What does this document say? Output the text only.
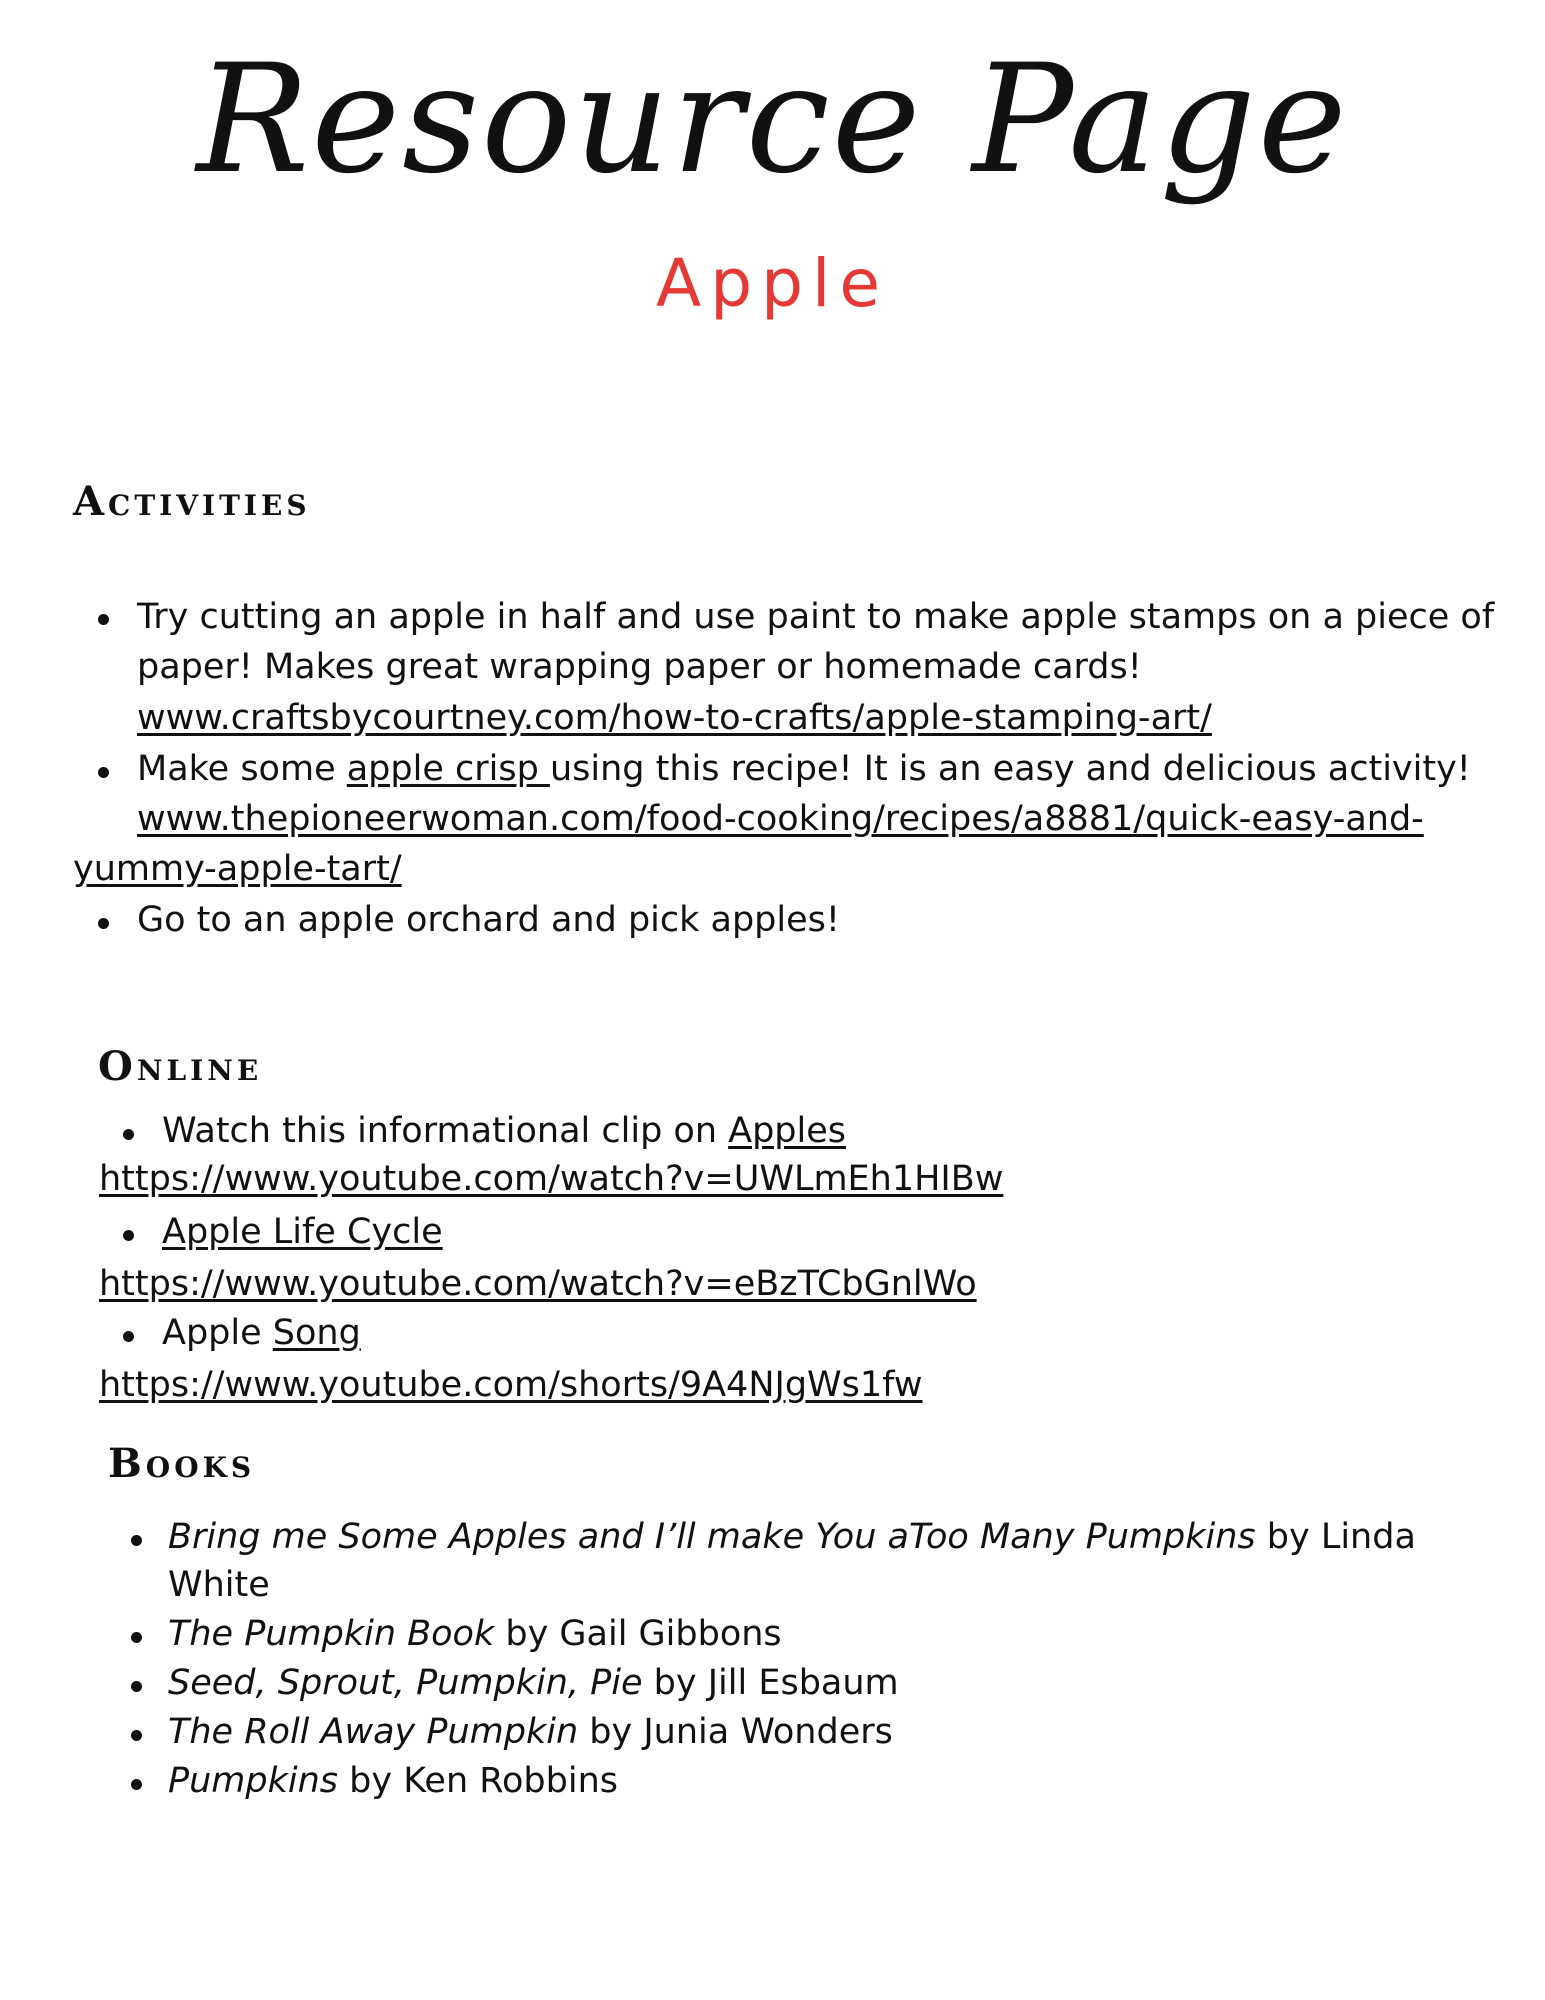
Resource Page
Apple
Activities
Try cutting an apple in half and use paint to make apple stamps on a piece of
paper! Makes great wrapping paper or homemade cards!
www.craftsbycourtney.com/how-to-crafts/apple-stamping-art/
Make some apple crisp using this recipe! It is an easy and delicious activity!
www.thepioneerwoman.com/food-cooking/recipes/a8881/quick-easy-and-
yummy-apple-tart/
Go to an apple orchard and pick apples!
Online
Watch this informational clip on Apples
https://www.youtube.com/watch?v=UWLmEh1HIBw
Apple Life Cycle
https://www.youtube.com/watch?v=eBzTCbGnlWo
Apple Song
https://www.youtube.com/shorts/9A4NJgWs1fw
Books
Bring me Some Apples and I’ll make You aToo Many Pumpkins by Linda
White
The Pumpkin Book by Gail Gibbons
Seed, Sprout, Pumpkin, Pie by Jill Esbaum
The Roll Away Pumpkin by Junia Wonders
Pumpkins by Ken Robbins
